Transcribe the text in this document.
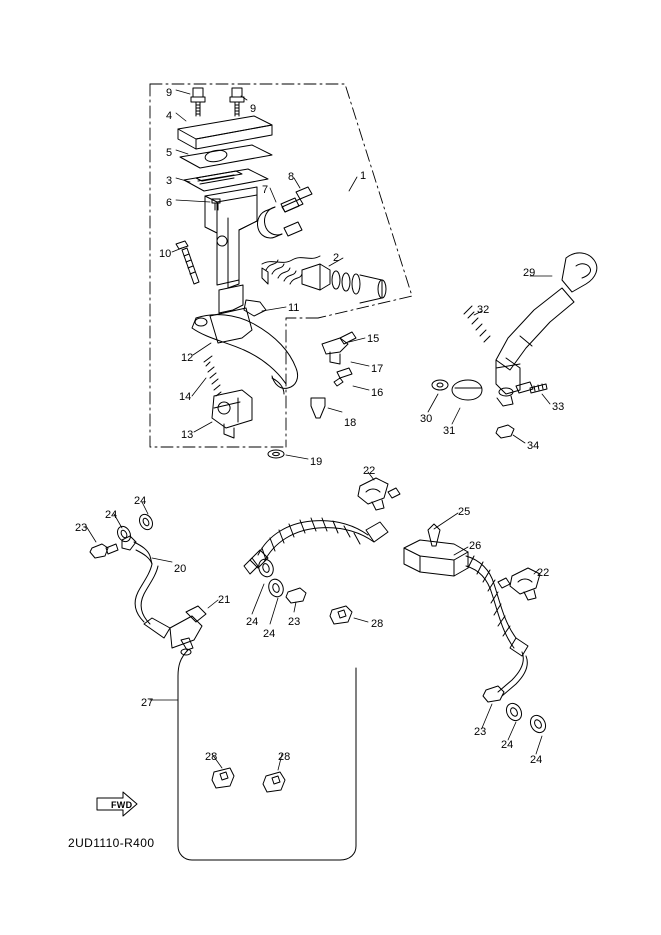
9
9
4
1
5
3
6
7
8
2
10
11
12
14
13
15
17
16
18
19
29
32
30
31
33
34
22
25
26
22
23
24
24
20
21
24
24
23	28
27
28	28
23
24
24
FWD
2UD1110-R400
